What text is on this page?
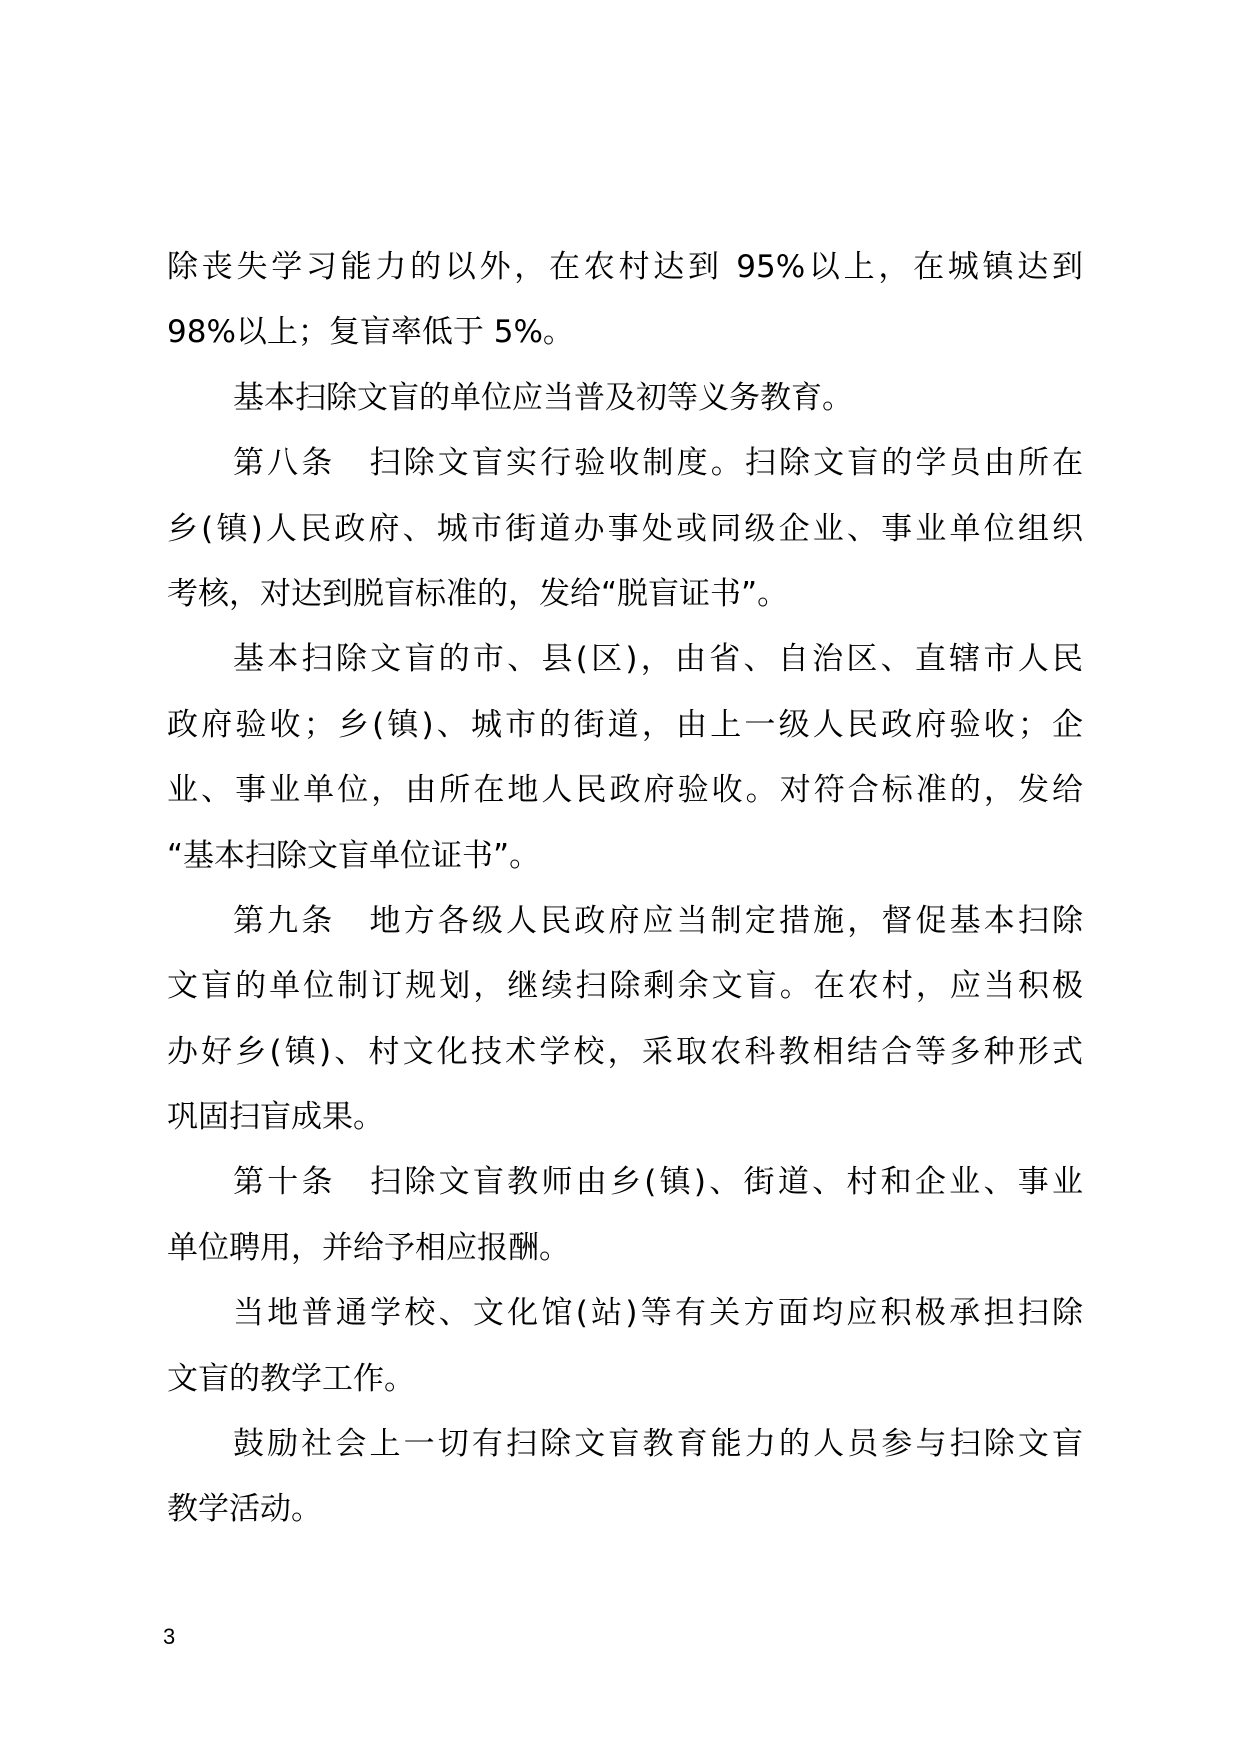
除丧失学习能力的以外，在农村达到 95%以上，在城镇达到
98%以上；复盲率低于 5%。
基本扫除文盲的单位应当普及初等义务教育。
第八条　扫除文盲实行验收制度。扫除文盲的学员由所在
乡(镇)人民政府、城市街道办事处或同级企业、事业单位组织
考核，对达到脱盲标准的，发给“脱盲证书”。
基本扫除文盲的市、县(区)，由省、自治区、直辖市人民
政府验收；乡(镇)、城市的街道，由上一级人民政府验收；企
业、事业单位，由所在地人民政府验收。对符合标准的，发给
“基本扫除文盲单位证书”。
第九条　地方各级人民政府应当制定措施，督促基本扫除
文盲的单位制订规划，继续扫除剩余文盲。在农村，应当积极
办好乡(镇)、村文化技术学校，采取农科教相结合等多种形式
巩固扫盲成果。
第十条　扫除文盲教师由乡(镇)、街道、村和企业、事业
单位聘用，并给予相应报酬。
当地普通学校、文化馆(站)等有关方面均应积极承担扫除
文盲的教学工作。
鼓励社会上一切有扫除文盲教育能力的人员参与扫除文盲
教学活动。
3
